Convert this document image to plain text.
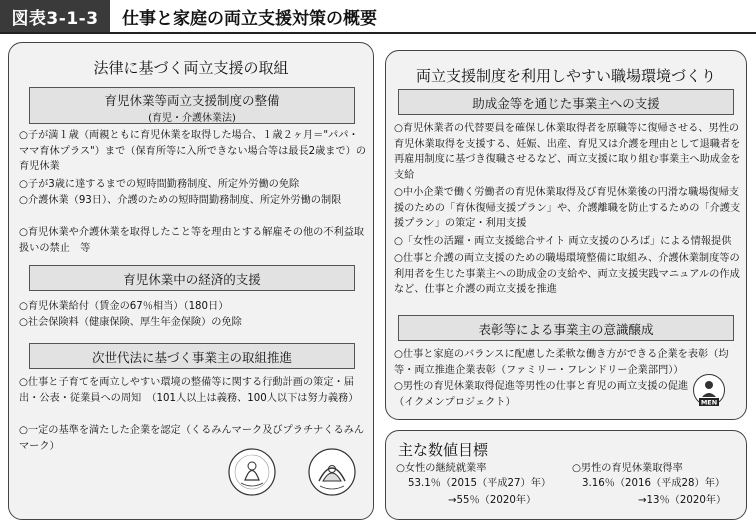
図表3-1-3	仕事と家庭の両立支援対策の概要
法律に基づく両立支援の取組
育児休業等両立支援制度の整備
(育児・介護休業法)
○子が満１歳（両親ともに育児休業を取得した場合、１歳２ヶ月＝"パパ・ママ育休プラス"）まで（保育所等に入所できない場合等は最長2歳まで）の育児休業
○子が3歳に達するまでの短時間勤務制度、所定外労働の免除
○介護休業（93日）、介護のための短時間勤務制度、所定外労働の制限
○育児休業や介護休業を取得したこと等を理由とする解雇その他の不利益取扱いの禁止　等
育児休業中の経済的支援
○育児休業給付（賃金の67％相当）（180日）
○社会保険料（健康保険、厚生年金保険）の免除
次世代法に基づく事業主の取組推進
○仕事と子育てを両立しやすい環境の整備等に関する行動計画の策定・届出・公表・従業員への周知　（101人以上は義務、100人以下は努力義務）
○一定の基準を満たした企業を認定（くるみんマーク及びプラチナくるみんマーク）
両立支援制度を利用しやすい職場環境づくり
助成金等を通じた事業主への支援
○育児休業者の代替要員を確保し休業取得者を原職等に復帰させる、男性の育児休業取得を支援する、妊娠、出産、育児又は介護を理由として退職者を再雇用制度に基づき復職させるなど、両立支援に取り組む事業主へ助成金を支給
○中小企業で働く労働者の育児休業取得及び育児休業後の円滑な職場復帰支援のための「育休復帰支援プラン」や、介護離職を防止するための「介護支援プラン」の策定・利用支援
○「女性の活躍・両立支援総合サイト 両立支援のひろば」による情報提供
○仕事と介護の両立支援のための職場環境整備に取組み、介護休業制度等の利用者を生じた事業主への助成金の支給や、両立支援実践マニュアルの作成など、仕事と介護の両立支援を推進
表彰等による事業主の意識醸成
○仕事と家庭のバランスに配慮した柔軟な働き方ができる企業を表彰（均等・両立推進企業表彰（ファミリー・フレンドリー企業部門））
○男性の育児休業取得促進等男性の仕事と育児の両立支援の促進（イクメンプロジェクト）	MEN
主な数値目標
○女性の継続就業率
53.1％（2015（平成27）年）
→55％（2020年）
○男性の育児休業取得率
3.16％（2016（平成28）年）
→13％（2020年）
